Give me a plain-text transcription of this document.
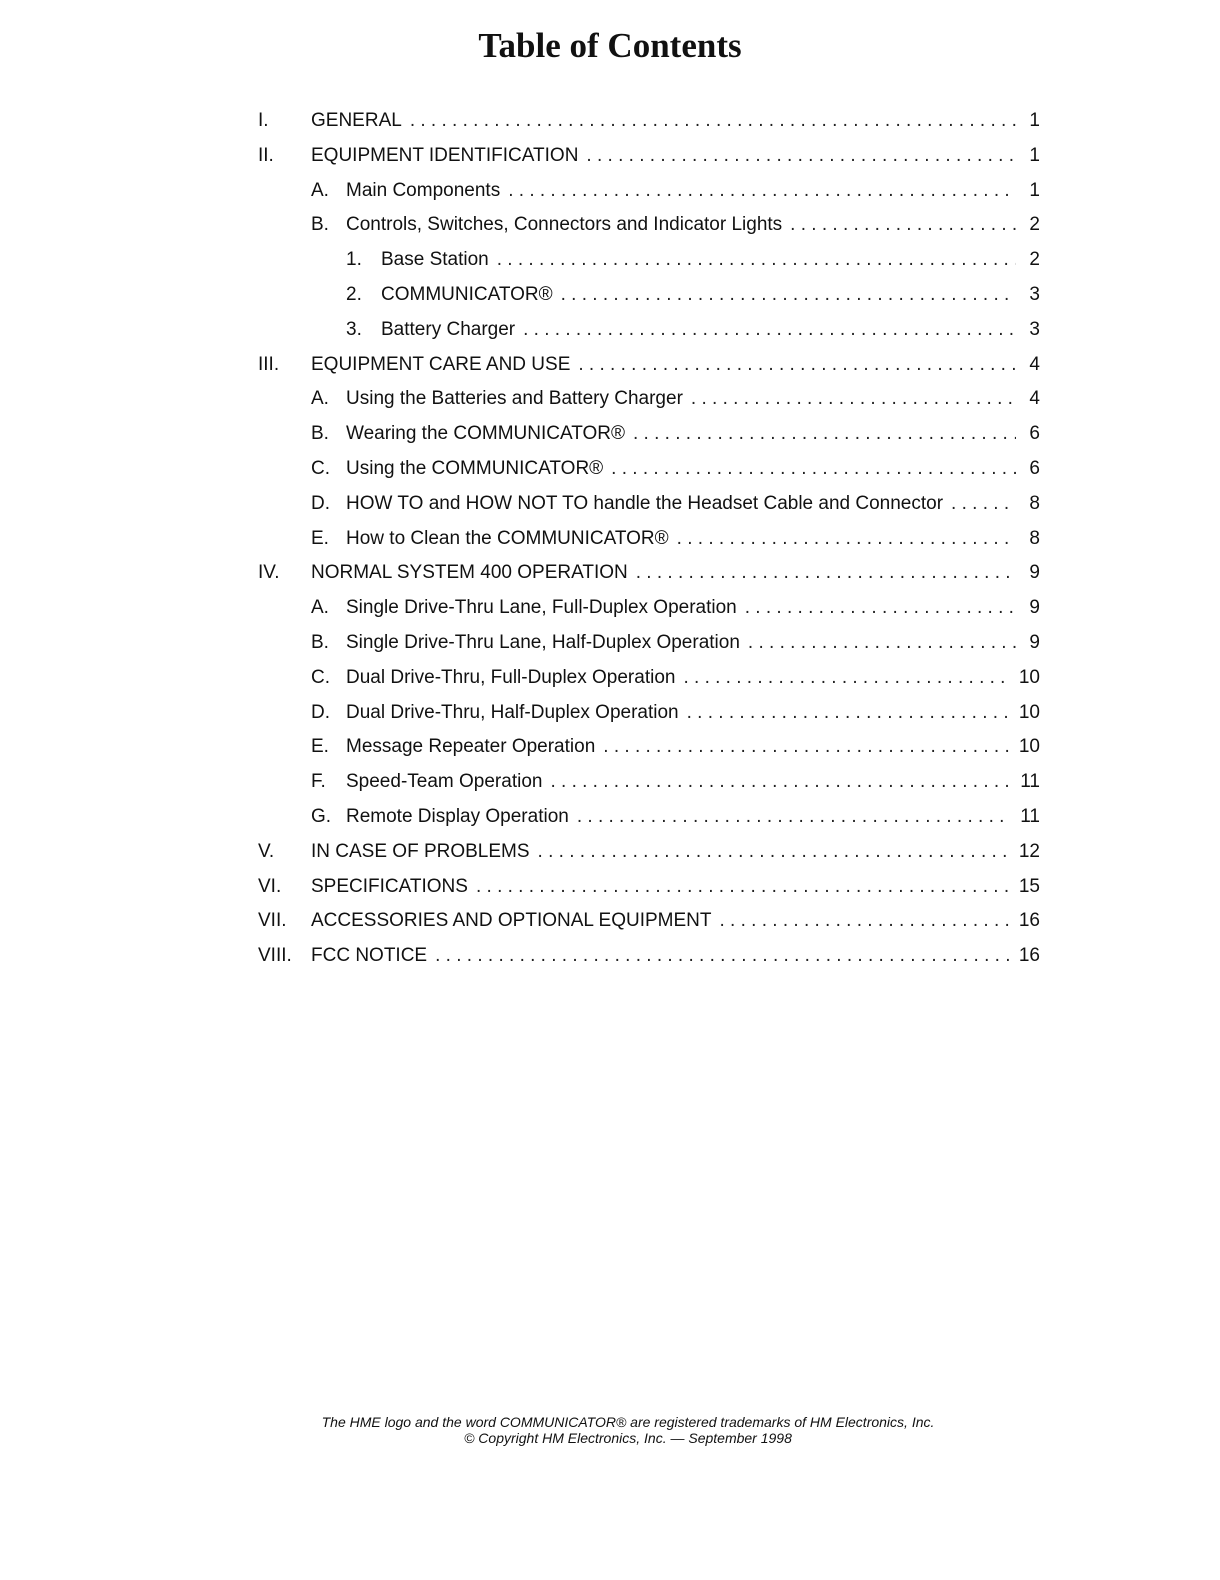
Table of Contents
I.	GENERAL . . .	1
II.	EQUIPMENT IDENTIFICATION . . .	1
A. Main Components . . .	1
B. Controls, Switches, Connectors and Indicator Lights . . .	2
1.	Base Station . . .	2
2.	COMMUNICATOR® . . .	3
3.	Battery Charger . . .	3
III.	EQUIPMENT CARE AND USE . . .	4
A. Using the Batteries and Battery Charger . . .	4
B. Wearing the COMMUNICATOR® . . .	6
C. Using the COMMUNICATOR® . . .	6
D. HOW TO and HOW NOT TO handle the Headset Cable and Connector . . .	8
E. How to Clean the COMMUNICATOR® . . .	8
IV.	NORMAL SYSTEM 400 OPERATION . . .	9
A. Single Drive-Thru Lane, Full-Duplex Operation . . .	9
B. Single Drive-Thru Lane, Half-Duplex Operation . . .	9
C. Dual Drive-Thru, Full-Duplex Operation . . .	10
D. Dual Drive-Thru, Half-Duplex Operation . . .	10
E. Message Repeater Operation . . .	10
F.	Speed-Team Operation . . .	11
G. Remote Display Operation . . .	11
V.	IN CASE OF PROBLEMS . . .	12
VI.	SPECIFICATIONS . . .	15
VII.	ACCESSORIES AND OPTIONAL EQUIPMENT . . .	16
VIII.	FCC NOTICE . . .	16
The HME logo and the word COMMUNICATOR® are registered trademarks of HM Electronics, Inc.
© Copyright HM Electronics, Inc. — September 1998
